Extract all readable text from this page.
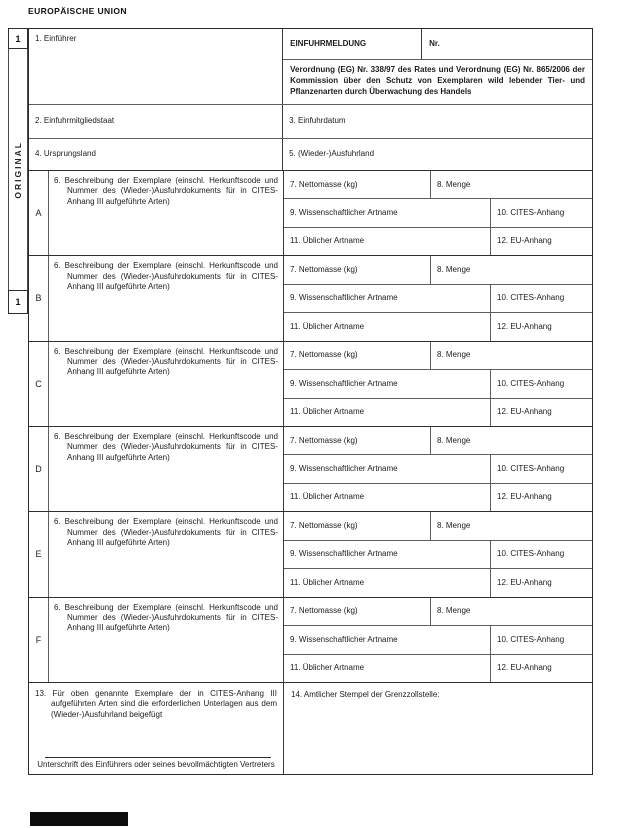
EUROPÄISCHE UNION
1
ORIGINAL
1
1. Einführer
EINFUHRMELDUNG	Nr.
Verordnung (EG) Nr. 338/97 des Rates und Verordnung (EG) Nr. 865/2006 der Kommission über den Schutz von Exemplaren wild lebender Tier- und Pflanzenarten durch Überwachung des Handels
2. Einfuhrmitgliedstaat	3. Einfuhrdatum
4. Ursprungsland	5. (Wieder-)Ausfuhrland
A
6. Beschreibung der Exemplare (einschl. Herkunftscode und Nummer des (Wieder-)Ausfuhrdokuments für in CITES-Anhang III aufgeführte Arten)
7. Nettomasse (kg)	8. Menge
9. Wissenschaftlicher Artname	10. CITES-Anhang
11. Üblicher Artname	12. EU-Anhang
B
6. Beschreibung der Exemplare (einschl. Herkunftscode und Nummer des (Wieder-)Ausfuhrdokuments für in CITES-Anhang III aufgeführte Arten)
7. Nettomasse (kg)	8. Menge
9. Wissenschaftlicher Artname	10. CITES-Anhang
11. Üblicher Artname	12. EU-Anhang
C
6. Beschreibung der Exemplare (einschl. Herkunftscode und Nummer des (Wieder-)Ausfuhrdokuments für in CITES-Anhang III aufgeführte Arten)
7. Nettomasse (kg)	8. Menge
9. Wissenschaftlicher Artname	10. CITES-Anhang
11. Üblicher Artname	12. EU-Anhang
D
6. Beschreibung der Exemplare (einschl. Herkunftscode und Nummer des (Wieder-)Ausfuhrdokuments für in CITES-Anhang III aufgeführte Arten)
7. Nettomasse (kg)	8. Menge
9. Wissenschaftlicher Artname	10. CITES-Anhang
11. Üblicher Artname	12. EU-Anhang
E
6. Beschreibung der Exemplare (einschl. Herkunftscode und Nummer des (Wieder-)Ausfuhrdokuments für in CITES-Anhang III aufgeführte Arten)
7. Nettomasse (kg)	8. Menge
9. Wissenschaftlicher Artname	10. CITES-Anhang
11. Üblicher Artname	12. EU-Anhang
F
6. Beschreibung der Exemplare (einschl. Herkunftscode und Nummer des (Wieder-)Ausfuhrdokuments für in CITES-Anhang III aufgeführte Arten)
7. Nettomasse (kg)	8. Menge
9. Wissenschaftlicher Artname	10. CITES-Anhang
11. Üblicher Artname	12. EU-Anhang
13. Für oben genannte Exemplare der in CITES-Anhang III aufgeführten Arten sind die erforderlichen Unterlagen aus dem (Wieder-)Ausfuhrland beigefügt
Unterschrift des Einführers oder seines bevollmächtigten Vertreters
14. Amtlicher Stempel der Grenzzollstelle:
